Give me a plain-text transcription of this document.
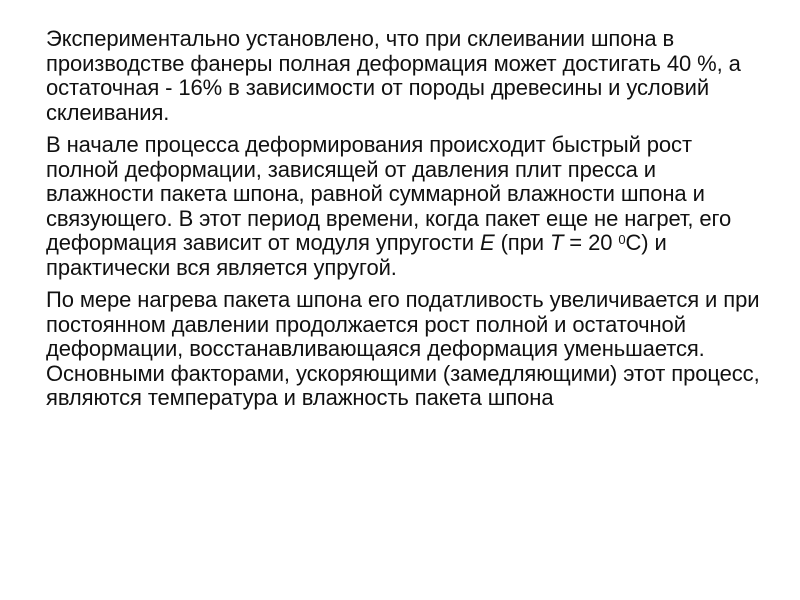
Экспериментально установлено, что при склеивании шпона в производстве фанеры полная деформация может достигать 40 %, а остаточная - 16% в зависимости от породы древесины и условий склеивания.

В начале процесса деформирования происходит быстрый рост полной деформации, зависящей от давления плит пресса и влажности пакета шпона, равной суммарной влажности шпона и связующего. В этот период времени, когда пакет еще не нагрет, его деформация зависит от модуля упругости E (при T = 20 $^0$С) и практически вся является упругой.

По мере нагрева пакета шпона его податливость увеличивается и при постоянном давлении продолжается рост полной и остаточной деформации, восстанавливающаяся деформация уменьшается. Основными факторами, ускоряющими (замедляющими) этот процесс, являются температура и влажность пакета шпона
